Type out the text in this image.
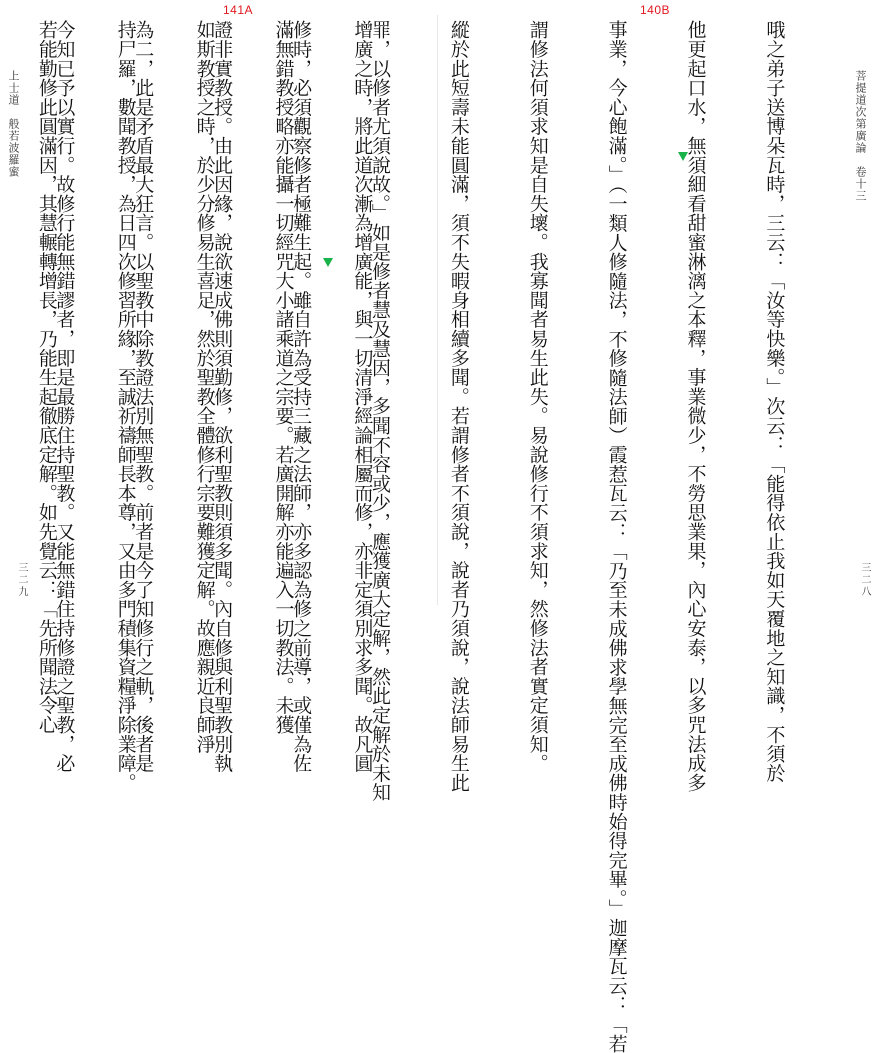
141A
上士道　般若波羅蜜
三二九

	增廣之時，將此道次漸為增廣能，與一切清淨經論相屬而修，亦非定須別求多聞。故凡圓

滿無錯教授略亦能攝一切經咒大小諸乘道之宗要。若廣開解亦能遍入一切教法。未獲

如斯教授之時，於少分修易生喜足，然於聖教全體修行宗要難獲定解。故應親近良師淨

持尸羅，數聞教授，為日四次修習所緣，至誠祈禱師長本尊，又由多門積集資糧淨除業障。

若能勤修此圓滿因，其慧輾轉增長，乃能生起徹底定解。如先覺云：「先所聞法令心

140B
菩提道次第廣論　卷十三
三二八

哦之弟子送博朵瓦時，三云：「汝等快樂。」次云：「能得依止我如天覆地之知識，不須於

他更起口水，無須細看甜蜜淋漓之本釋，事業微少，不勞思業果，內心安泰，以多咒法成多

事業，今心飽滿。」（一類人修隨法，不修隨法師）霞惹瓦云：「乃至未成佛求學無完至成佛時始得完畢。」迦摩瓦云：「若

謂修法何須求知是自失壞。我寡聞者易生此失。易說修行不須求知，然修法者實定須知。

縱於此短壽未能圓滿，須不失暇身相續多聞。若謂修者不須說，說者乃須說，說法師易生此

罪，以修者尤須說故。」如是修者慧及慧因，多聞不容或少，應獲廣大定解，然此定解於未知

修時，必須觀察修者極難生起。雖自許為受持三藏之法師，亦多認為修之前導，或僅為佐

證非實教授。由此因緣，說欲速成佛則須勤修，欲利聖教則須多聞。內自修與利聖教別執

為二，此是矛盾最大狂言。以聖教中除教證法別無聖教。前者是今了知修行之軌，後者是

今知已予以實行。故修行能無錯謬者，即是最勝住持聖教。又能無錯住持修證之聖教，必
